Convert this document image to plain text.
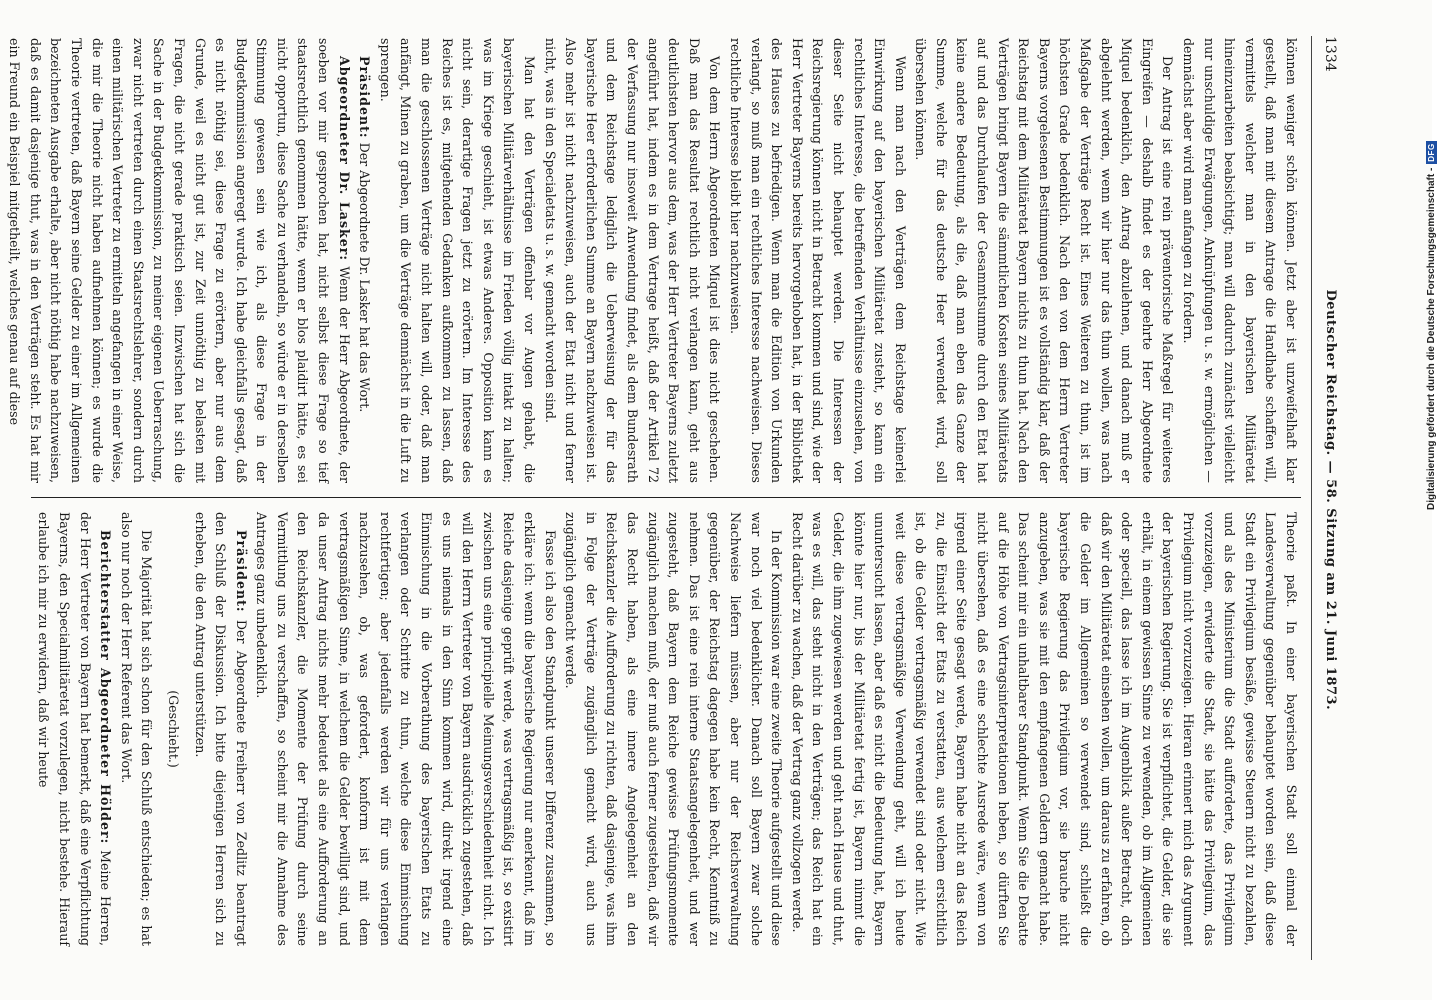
1334
Deutscher Reichstag. — 58. Sitzung am 21. Juni 1873.

können weniger schön können. Jetzt aber ist unzweifelhaft klar gestellt, daß man mit diesem Antrage die Handhabe schaffen will, vermittels welcher man in den bayerischen Militäretat hineinzuarbeiten beabsichtigt; man will dadurch zunächst vielleicht nur unschuldige Erwägungen, Anknüpfungen u. s. w. ermöglichen — demnächst aber wird man anfangen zu fordern.

Der Antrag ist eine rein präventorische Maßregel für weiteres Eingreifen — deshalb findet es der geehrte Herr Abgeordnete Miquel bedenklich, den Antrag abzulehnen, und danach muß er abgelehnt werden, wenn wir hier nur das thun wollen, was nach Maßgabe der Verträge Recht ist. Eines Weiteren zu thun, ist im höchsten Grade bedenklich. Nach den von dem Herrn Vertreter Bayerns vorgelesenen Bestimmungen ist es vollständig klar, daß der Reichstag mit dem Militäretat Bayern nichts zu thun hat. Nach den Verträgen bringt Bayern die sämmtlichen Kosten seines Militäretats auf und das Durchlaufen der Gesammtsumme durch den Etat hat keine andere Bedeutung, als die, daß man eben das Ganze der Summe, welche für das deutsche Heer verwendet wird, soll übersehen können.

Wenn man nach den Verträgen dem Reichstage keinerlei Einwirkung auf den bayerischen Militäretat zusteht, so kann ein rechtliches Interesse, die betreffenden Verhältnisse einzusehen, von dieser Seite nicht behauptet werden. Die Interessen der Reichsregierung können nicht in Betracht kommen und sind, wie der Herr Vertreter Bayerns bereits hervorgehoben hat, in der Bibliothek des Hauses zu befriedigen. Wenn man die Edition von Urkunden verlangt, so muß man ein rechtliches Interesse nachweisen. Dieses rechtliche Interesse bleibt hier nachzuweisen.

Von dem Herrn Abgeordneten Miquel ist dies nicht geschehen. Daß man das Resultat rechtlich nicht verlangen kann, geht aus deutlichsten hervor aus dem, was der Herr Vertreter Bayerns zuletzt angeführt hat, indem es in dem Vertrage heißt, daß der Artikel 72 der Verfassung nur insoweit Anwendung findet, als dem Bundesrath und dem Reichstage lediglich die Ueberweisung der für das bayerische Heer erforderlichen Summe an Bayern nachzuweisen ist. Also mehr ist nicht nachzuweisen, auch der Etat nicht und ferner nicht, was in den Specialetats u. s. w. gemacht worden sind.

Man hat den Verträgen offenbar vor Augen gehabt, die bayerischen Militärverhältnisse im Frieden völlig intakt zu halten; was im Kriege geschieht, ist etwas Anderes. Opposition kann es nicht sein, derartige Fragen jetzt zu erörtern. Im Interesse des Reiches ist es, mitgehenden Gedanken aufkommen zu lassen, daß man die geschlossenen Verträge nicht halten will, oder, daß man anfängt, Minen zu graben, um die Verträge demnächst in die Luft zu sprengen.

Präsident: Der Abgeordnete Dr. Lasker hat das Wort.

Abgeordneter Dr. Lasker: Wenn der Herr Abgeordnete, der soeben vor mir gesprochen hat, nicht selbst diese Frage so tief staatsrechtlich genommen hätte, wenn er blos plaidirt hätte, es sei nicht opportun, diese Sache zu verhandeln, so würde er in derselben Stimmung gewesen sein wie ich, als diese Frage in der Budgetkommission angeregt wurde. Ich habe gleichfalls gesagt, daß es nicht nöthig sei, diese Frage zu erörtern, aber nur aus dem Grunde, weil es nicht gut ist, zur Zeit unnöthig zu belasten mit Fragen, die nicht gerade praktisch seien. Inzwischen hat sich die Sache in der Budgetkommission, zu meiner eigenen Ueberraschung, zwar nicht vertreten durch einen Staatsrechtslehrer, sondern durch einen militärischen Vertreter zu ermitteln angefangen in einer Weise, die mir die Theorie nicht haben aufnehmen können; es wurde die Theorie vertreten, daß Bayern seine Gelder zu einer im Allgemeinen bezeichneten Ausgabe erhalte, aber nicht nöthig habe nachzuweisen, daß es damit dasjenige thut, was in den Verträgen steht. Es hat mir ein Freund ein Beispiel mitgetheilt, welches genau auf diese

Theorie paßt. In einer bayerischen Stadt soll einmal der Landesverwaltung gegenüber behauptet worden sein, daß diese Stadt ein Privilegium besäße, gewisse Steuern nicht zu bezahlen, und als des Ministerium die Stadt aufforderte, das Privilegium vorzuzeigen, erwiderte die Stadt, sie hätte das Privilegium, das Privilegium nicht vorzuzeigen. Hieran erinnert mich das Argument der bayerischen Regierung. Sie ist verpflichtet, die Gelder, die sie erhält, in einem gewissen Sinne zu verwenden, ob im Allgemeinen oder speciell, das lasse ich im Augenblick außer Betracht, doch daß wir den Militäretat einsehen wollen, um daraus zu erfahren, ob die Gelder im Allgemeinen so verwendet sind, schließt die bayerische Regierung das Privilegium vor, sie brauche nicht anzugeben, was sie mit den empfangenen Geldern gemacht habe. Das scheint mir ein unhaltbarer Standpunkt. Wenn Sie die Debatte auf die Höhe von Vertragsinterpretationen heben, so dürften Sie nicht übersehen, daß es eine schlechte Ausrede wäre, wenn von irgend einer Seite gesagt werde, Bayern habe nicht an das Reich zu, die Einsicht der Etats zu verstatten, aus welchem ersichtlich ist, ob die Gelder vertragsmäßig verwendet sind oder nicht. Wie weit diese vertragsmäßige Verwendung geht, will ich heute ununtersucht lassen, aber daß es nicht die Bedeutung hat, Bayern könnte hier nur, bis der Militäretat fertig ist, Bayern nimmt die Gelder, die ihm zugewiesen werden und geht nach Hause und thut, was es will, das steht nicht in den Verträgen; das Reich hat ein Recht darüber zu wachen, daß der Vertrag ganz vollzogen werde.

In der Kommission war eine zweite Theorie aufgestellt und diese war noch viel bedenklicher. Danach soll Bayern zwar solche Nachweise liefern müssen, aber nur der Reichsverwaltung gegenüber, der Reichstag dagegen habe kein Recht, Kenntniß zu nehmen. Das ist eine rein interne Staatsangelegenheit, und wer zugesteht, daß Bayern dem Reiche gewisse Prüfungsmomente zugänglich machen muß, der muß auch ferner zugestehen, daß wir das Recht haben, als eine innere Angelegenheit an den Reichskanzler die Aufforderung zu richten, daß dasjenige, was ihm in Folge der Verträge zugänglich gemacht wird, auch uns zugänglich gemacht werde.

Fasse ich also den Standpunkt unserer Differenz zusammen, so erkläre ich: wenn die bayerische Regierung nur anerkennt, daß im Reiche dasjenige geprüft werde, was vertragsmäßig ist, so existirt zwischen uns eine principielle Meinungsverschiedenheit nicht. Ich will den Herrn Vertreter von Bayern ausdrücklich zugestehen, daß es uns niemals in den Sinn kommen wird, direkt irgend eine Einmischung in die Vorberathung des bayerischen Etats zu verlangen oder Schritte zu thun, welche diese Einmischung rechtfertigen; aber jedenfalls werden wir für uns verlangen nachzusehen, ob, was gefordert, konform ist mit dem vertragsmäßigen Sinne, in welchem die Gelder bewilligt sind, und da unser Antrag nichts mehr bedeutet als eine Aufforderung an den Reichskanzler, die Momente der Prüfung durch seine Vermittlung uns zu verschaffen, so scheint mir die Annahme des Antrages ganz unbedenklich.

Präsident: Der Abgeordnete Freiherr von Zedlitz beantragt den Schluß der Diskussion. Ich bitte diejenigen Herren sich zu erheben, die den Antrag unterstützen.

(Geschieht.)

Die Majorität hat sich schon für den Schluß entschieden; es hat also nur noch der Herr Referent das Wort.

Berichterstatter Abgeordneter Hölder: Meine Herren, der Herr Vertreter von Bayern hat bemerkt, daß eine Verpflichtung Bayerns, den Specialmilitäretat vorzulegen, nicht bestehe. Hierauf erlaube ich mir zu erwidern, daß wir heute

Digitalisierung gefördert durch die Deutsche Forschungsgemeinschaft -
DFG
